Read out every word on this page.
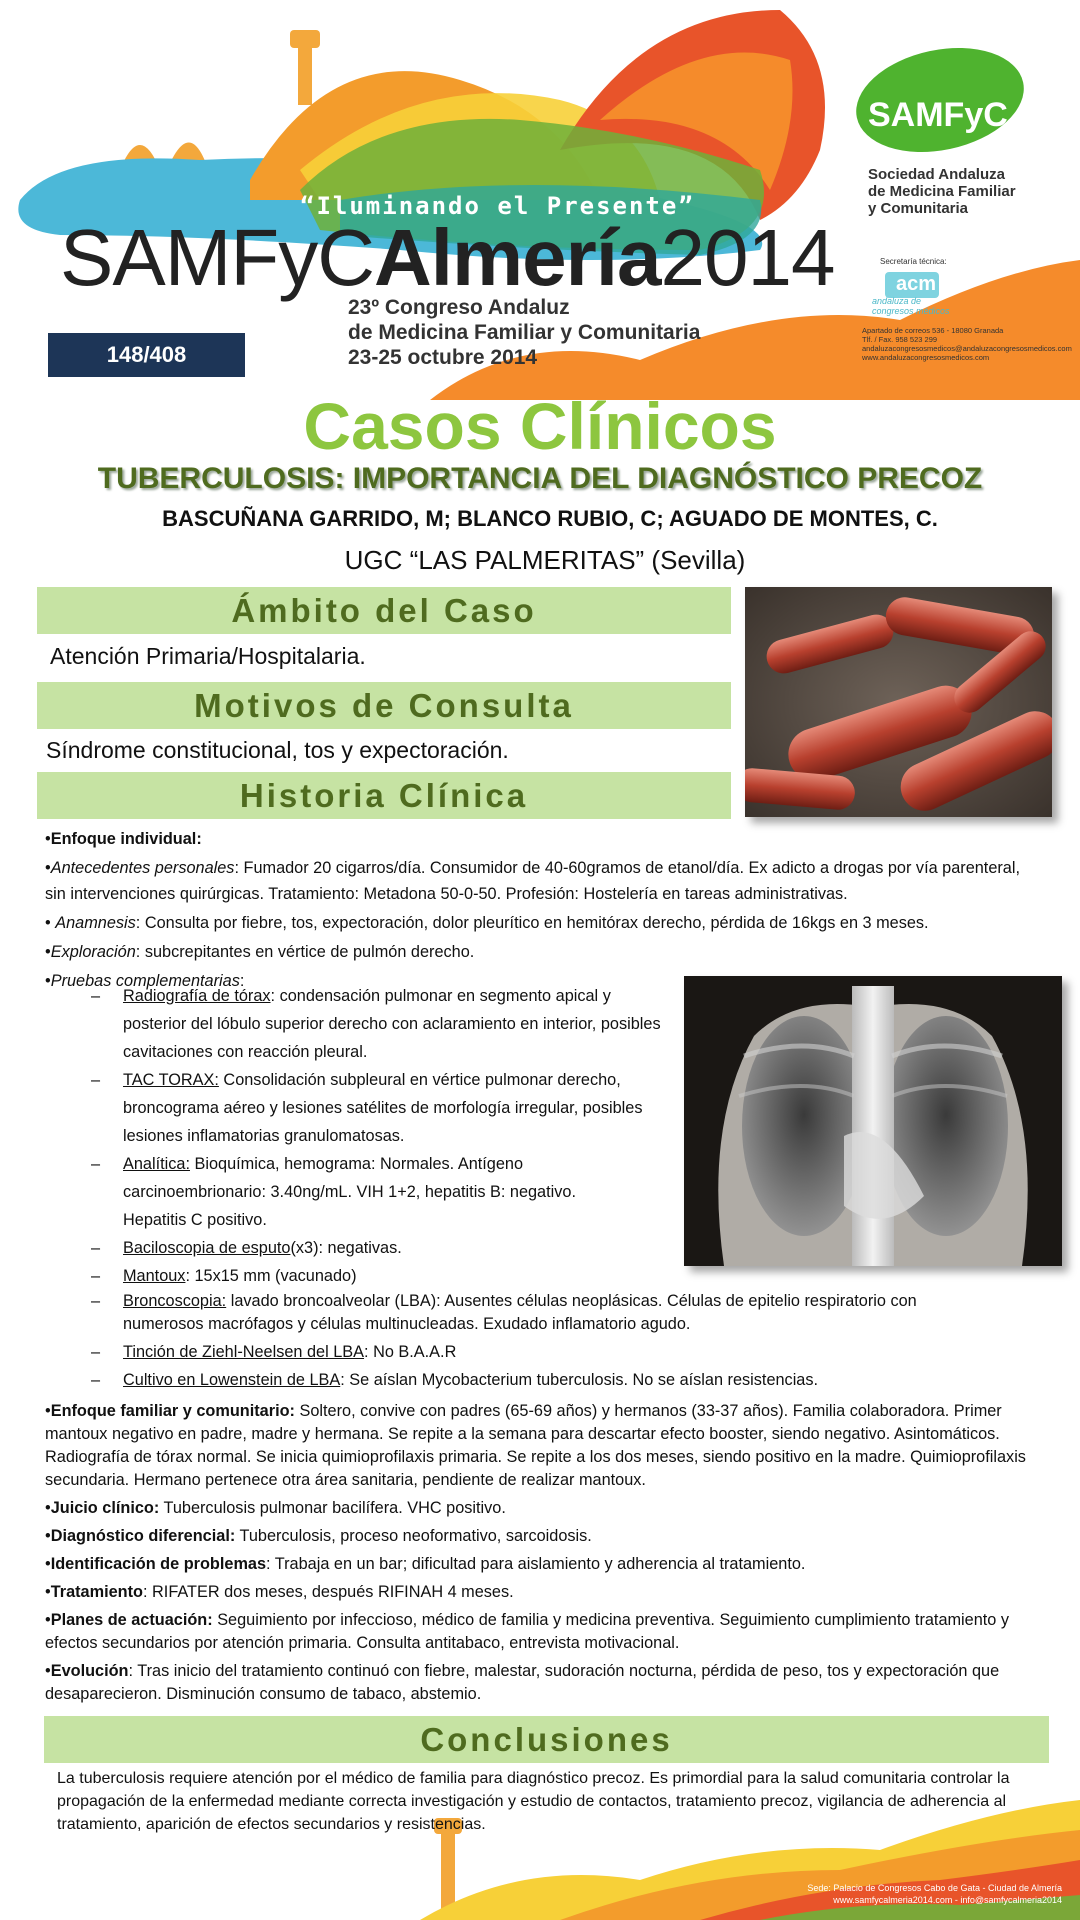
“Iluminando el Presente”
SAMFyCAlmería2014
23º Congreso Andaluz
de Medicina Familiar y Comunitaria
23-25 octubre 2014
148/408
SAMFyC
Sociedad Andaluza
de Medicina Familiar
y Comunitaria
Secretaría técnica:
acm
andaluza de congresos médicos
Apartado de correos 536 - 18080 Granada
Tlf. / Fax. 958 523 299
andaluzacongresosmedicos@andaluzacongresosmedicos.com
www.andaluzacongresosmedicos.com
Casos Clínicos
TUBERCULOSIS: IMPORTANCIA DEL DIAGNÓSTICO PRECOZ
BASCUÑANA GARRIDO, M; BLANCO RUBIO, C; AGUADO DE MONTES, C.
UGC “LAS PALMERITAS” (Sevilla)
Ámbito del Caso
Atención Primaria/Hospitalaria.
Motivos de Consulta
Síndrome constitucional, tos y expectoración.
Historia Clínica

•Enfoque individual:

•Antecedentes personales: Fumador 20 cigarros/día. Consumidor de 40-60gramos de etanol/día. Ex adicto a drogas por vía parenteral, sin intervenciones quirúrgicas. Tratamiento: Metadona 50-0-50. Profesión: Hostelería en tareas administrativas.

• Anamnesis: Consulta por fiebre, tos, expectoración, dolor pleurítico en hemitórax derecho, pérdida de 16kgs en 3 meses.

•Exploración: subcrepitantes en vértice de pulmón derecho.

•Pruebas complementarias:

– Radiografía de tórax: condensación pulmonar en segmento apical y posterior del lóbulo superior derecho con aclaramiento en interior, posibles cavitaciones con reacción pleural.

– TAC TORAX: Consolidación subpleural en vértice pulmonar derecho, broncograma aéreo y lesiones satélites de morfología irregular, posibles lesiones inflamatorias granulomatosas.

– Analítica: Bioquímica, hemograma: Normales. Antígeno carcinoembrionario: 3.40ng/mL. VIH 1+2, hepatitis B: negativo. Hepatitis C positivo.

– Baciloscopia de esputo(x3): negativas.

– Mantoux: 15x15 mm (vacunado)

– Broncoscopia: lavado broncoalveolar (LBA): Ausentes células neoplásicas. Células de epitelio respiratorio con numerosos macrófagos y células multinucleadas. Exudado inflamatorio agudo.

– Tinción de Ziehl-Neelsen del LBA: No B.A.A.R

– Cultivo en Lowenstein de LBA: Se aíslan Mycobacterium tuberculosis. No se aíslan resistencias.

•Enfoque familiar y comunitario: Soltero, convive con padres (65-69 años) y hermanos (33-37 años). Familia colaboradora. Primer mantoux negativo en padre, madre y hermana. Se repite a la semana para descartar efecto booster, siendo negativo. Asintomáticos. Radiografía de tórax normal. Se inicia quimioprofilaxis primaria. Se repite a los dos meses, siendo positivo en la madre. Quimioprofilaxis secundaria. Hermano pertenece otra área sanitaria, pendiente de realizar mantoux.

•Juicio clínico: Tuberculosis pulmonar bacilífera. VHC positivo.

•Diagnóstico diferencial: Tuberculosis, proceso neoformativo, sarcoidosis.

•Identificación de problemas: Trabaja en un bar; dificultad para aislamiento y adherencia al tratamiento.

•Tratamiento: RIFATER dos meses, después RIFINAH 4 meses.

•Planes de actuación: Seguimiento por infeccioso, médico de familia y medicina preventiva. Seguimiento cumplimiento tratamiento y efectos secundarios por atención primaria. Consulta antitabaco, entrevista motivacional.

•Evolución: Tras inicio del tratamiento continuó con fiebre, malestar, sudoración nocturna, pérdida de peso, tos y expectoración que desaparecieron. Disminución consumo de tabaco, abstemio.

Conclusiones
La tuberculosis requiere atención por el médico de familia para diagnóstico precoz. Es primordial para la salud comunitaria controlar la propagación de la enfermedad mediante correcta investigación y estudio de contactos, tratamiento precoz, vigilancia de adherencia al tratamiento, aparición de efectos secundarios y resistencias.
Sede: Palacio de Congresos Cabo de Gata - Ciudad de Almería
www.samfycalmeria2014.com - info@samfycalmeria2014
